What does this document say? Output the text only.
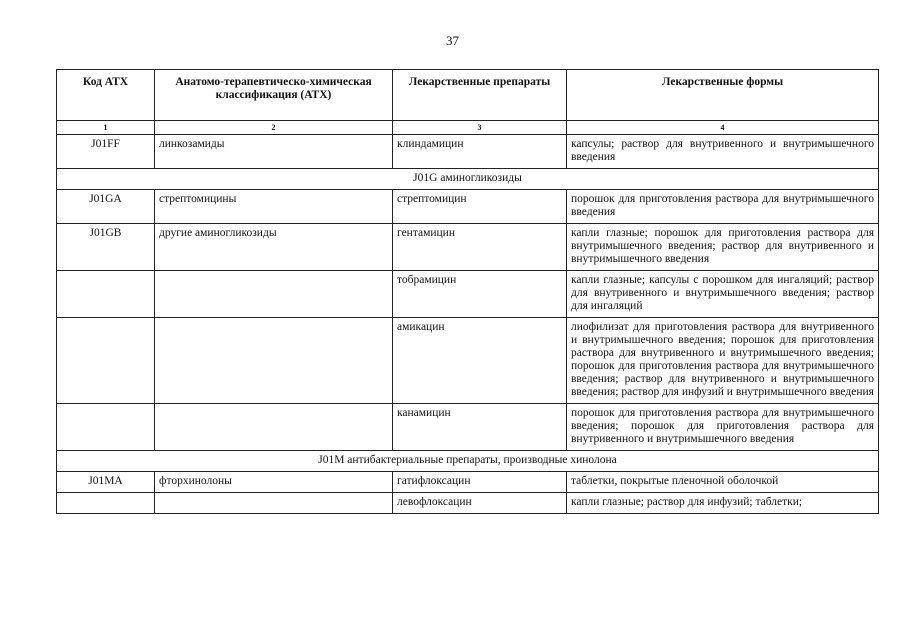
37
Код АТХ	Анатомо-терапевтическо-химическая классификация (АТХ)	Лекарственные препараты	Лекарственные формы
1	2	3	4
J01FF	линкозамиды	клиндамицин	капсулы; раствор для внутривенного и внутримышечного введения
J01G аминогликозиды			
J01GA	стрептомицины	стрептомицин	порошок для приготовления раствора для внутримышечного введения
J01GB	другие аминогликозиды	гентамицин	капли глазные; порошок для приготовления раствора для внутримышечного введения; раствор для внутривенного и внутримышечного введения
		тобрамицин	капли глазные; капсулы с порошком для ингаляций; раствор для внутривенного и внутримышечного введения; раствор для ингаляций
		амикацин	лиофилизат для приготовления раствора для внутривенного и внутримышечного введения; порошок для приготовления раствора для внутривенного и внутримышечного введения; порошок для приготовления раствора для внутримышечного введения; раствор для внутривенного и внутримышечного введения; раствор для инфузий и внутримышечного введения
		канамицин	порошок для приготовления раствора для внутримышечного введения; порошок для приготовления раствора для внутривенного и внутримышечного введения
J01M антибактериальные препараты, производные хинолона			
J01MA	фторхинолоны	гатифлоксацин	таблетки, покрытые пленочной оболочкой
		левофлоксацин	капли глазные; раствор для инфузий; таблетки;
